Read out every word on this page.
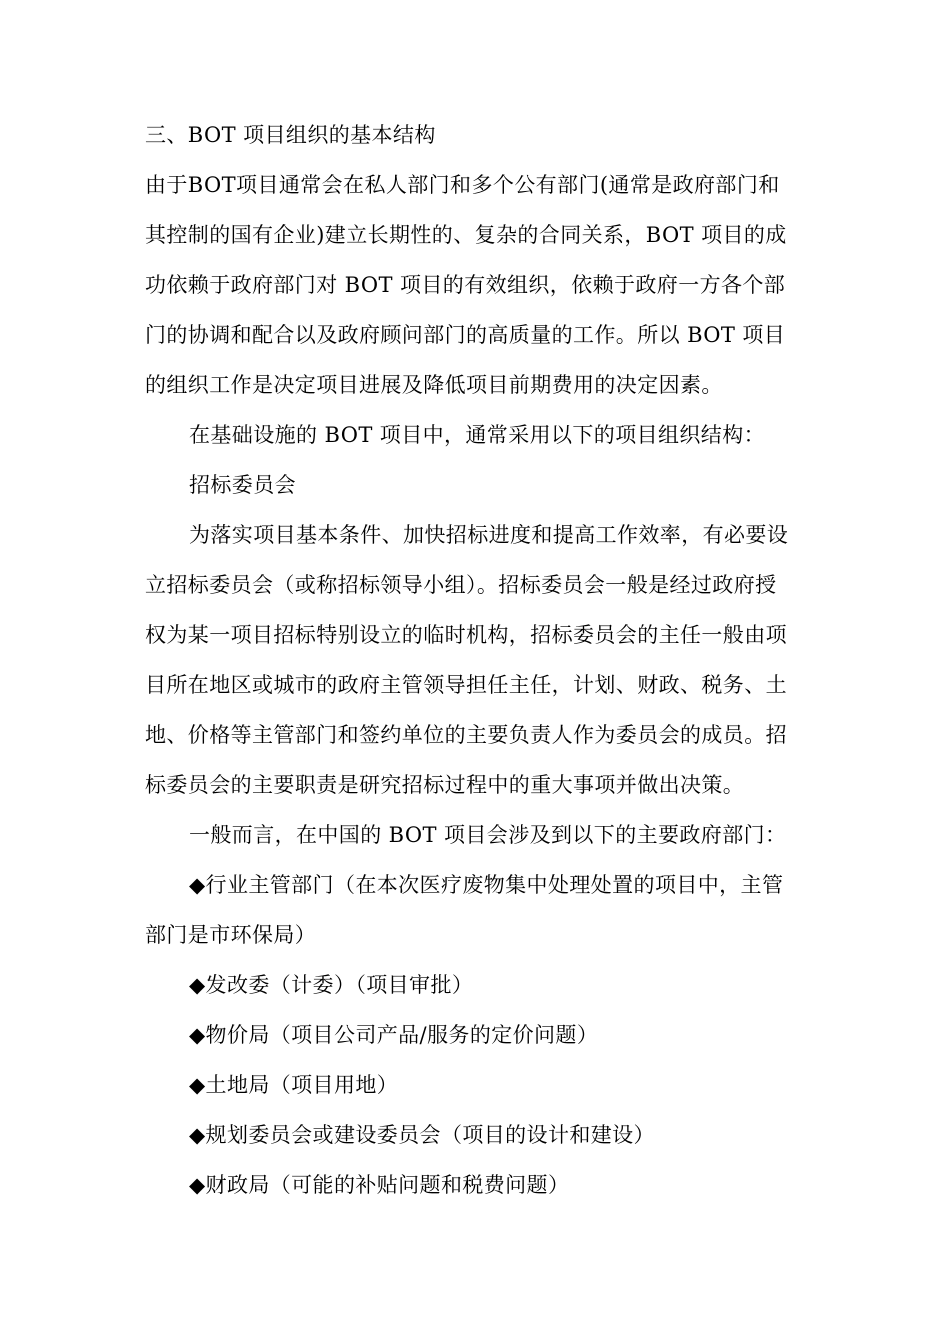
三、BOT 项目组织的基本结构
由于BOT项目通常会在私人部门和多个公有部门(通常是政府部门和
其控制的国有企业)建立长期性的、复杂的合同关系，BOT 项目的成
功依赖于政府部门对 BOT 项目的有效组织，依赖于政府一方各个部
门的协调和配合以及政府顾问部门的高质量的工作。所以 BOT 项目
的组织工作是决定项目进展及降低项目前期费用的决定因素。
在基础设施的 BOT 项目中，通常采用以下的项目组织结构：
招标委员会
为落实项目基本条件、加快招标进度和提高工作效率，有必要设
立招标委员会（或称招标领导小组）。招标委员会一般是经过政府授
权为某一项目招标特别设立的临时机构，招标委员会的主任一般由项
目所在地区或城市的政府主管领导担任主任，计划、财政、税务、土
地、价格等主管部门和签约单位的主要负责人作为委员会的成员。招
标委员会的主要职责是研究招标过程中的重大事项并做出决策。
一般而言，在中国的 BOT 项目会涉及到以下的主要政府部门：
◆行业主管部门（在本次医疗废物集中处理处置的项目中，主管
部门是市环保局）
◆发改委（计委）（项目审批）
◆物价局（项目公司产品/服务的定价问题）
◆土地局（项目用地）
◆规划委员会或建设委员会（项目的设计和建设）
◆财政局（可能的补贴问题和税费问题）
